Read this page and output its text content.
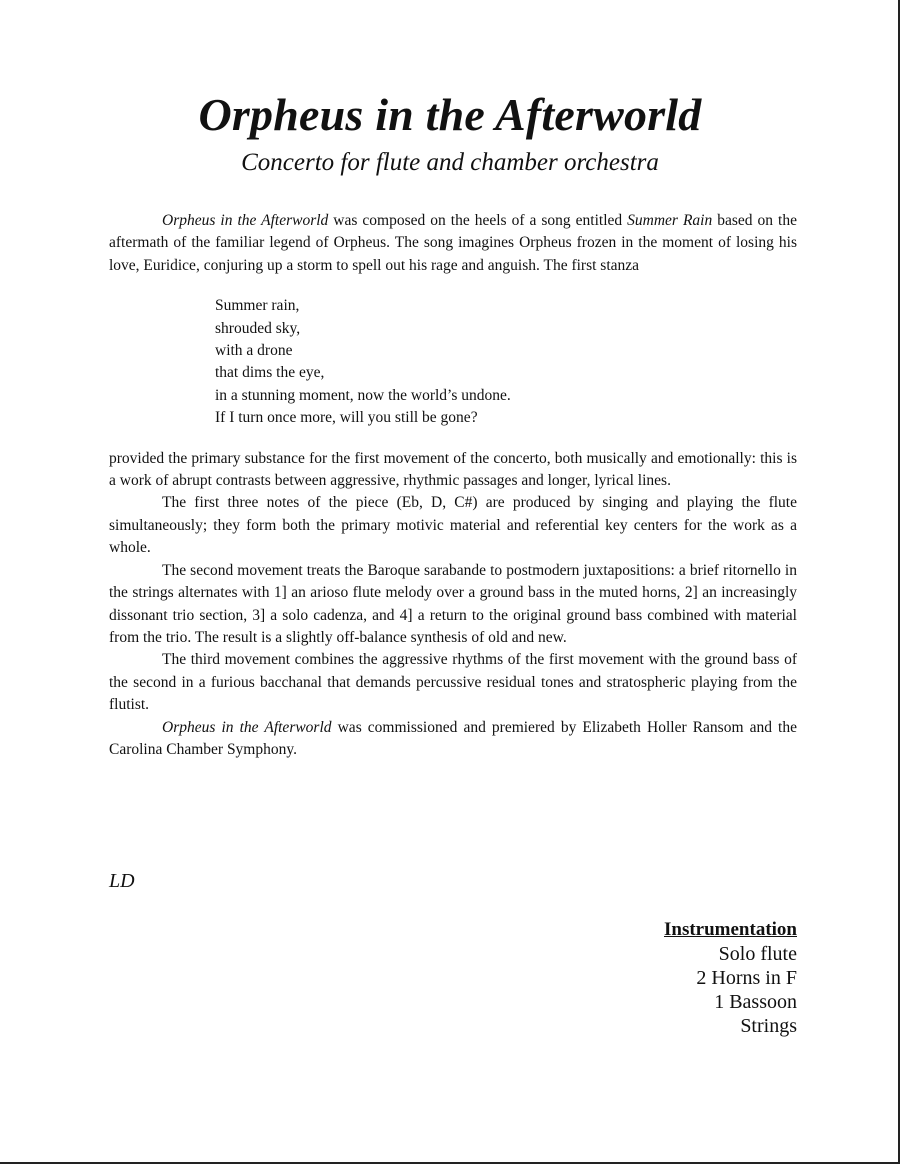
Orpheus in the Afterworld
Concerto for flute and chamber orchestra

Orpheus in the Afterworld was composed on the heels of a song entitled Summer Rain based on the aftermath of the familiar legend of Orpheus. The song imagines Orpheus frozen in the moment of losing his love, Euridice, conjuring up a storm to spell out his rage and anguish. The first stanza

Summer rain,
shrouded sky,
with a drone
that dims the eye,
in a stunning moment, now the world’s undone.
If I turn once more, will you still be gone?

provided the primary substance for the first movement of the concerto, both musically and emotionally: this is a work of abrupt contrasts between aggressive, rhythmic passages and longer, lyrical lines.

The first three notes of the piece (Eb, D, C#) are produced by singing and playing the flute simultaneously; they form both the primary motivic material and referential key centers for the work as a whole.

The second movement treats the Baroque sarabande to postmodern juxtapositions: a brief ritornello in the strings alternates with 1] an arioso flute melody over a ground bass in the muted horns, 2] an increasingly dissonant trio section, 3] a solo cadenza, and 4] a return to the original ground bass combined with material from the trio. The result is a slightly off-balance synthesis of old and new.

The third movement combines the aggressive rhythms of the first movement with the ground bass of the second in a furious bacchanal that demands percussive residual tones and stratospheric playing from the flutist.

Orpheus in the Afterworld was commissioned and premiered by Elizabeth Holler Ransom and the Carolina Chamber Symphony.

LD
Instrumentation
Solo flute
2 Horns in F
1 Bassoon
Strings
